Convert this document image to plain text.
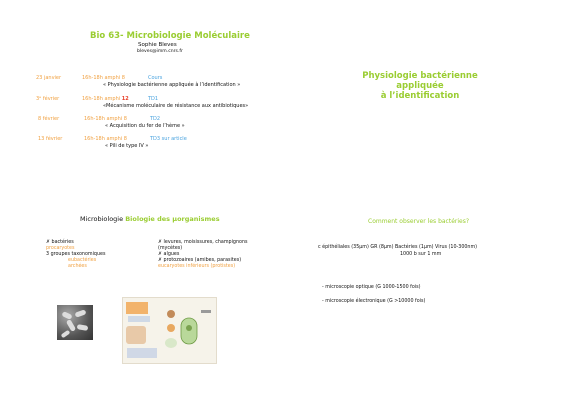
Bio 63- Microbiologie Moléculaire
Sophie Bleves
bleves@imm.cnrs.fr
23 janvier	16h-18h amphi 8	Cours
« Physiologie bactérienne appliquée à l’identification »
3ᵉ février	16h-18h amphi 12	TD1
«Mécanisme moléculaire de résistance aux antibiotiques»
8 février	16h-18h amphi 8	TD2
« Acquisition du fer de l’hème »
13 février	16h-18h amphi 8	TD3 sur article
« Pili de type IV »
Physiologie bactérienne
appliquée
à l’identification
Microbiologie Biologie des μorganismes
✗ bactéries
procaryotes
3 groupes taxonomiques
eubactéries
archées
✗ levures, moisissures, champignons
(mycètes)
✗ algues
✗ protozoaires (amibes, parasites)
eucaryotes inférieurs (protistes)
Comment observer les bactéries?
c épithéliales (35μm) GR (8μm) Bactéries (1μm) Virus (10-300nm)
1000 b sur 1 mm
- microscopie optique (G 1000-1500 fois)
- microscopie électronique (G >10000 fois)
